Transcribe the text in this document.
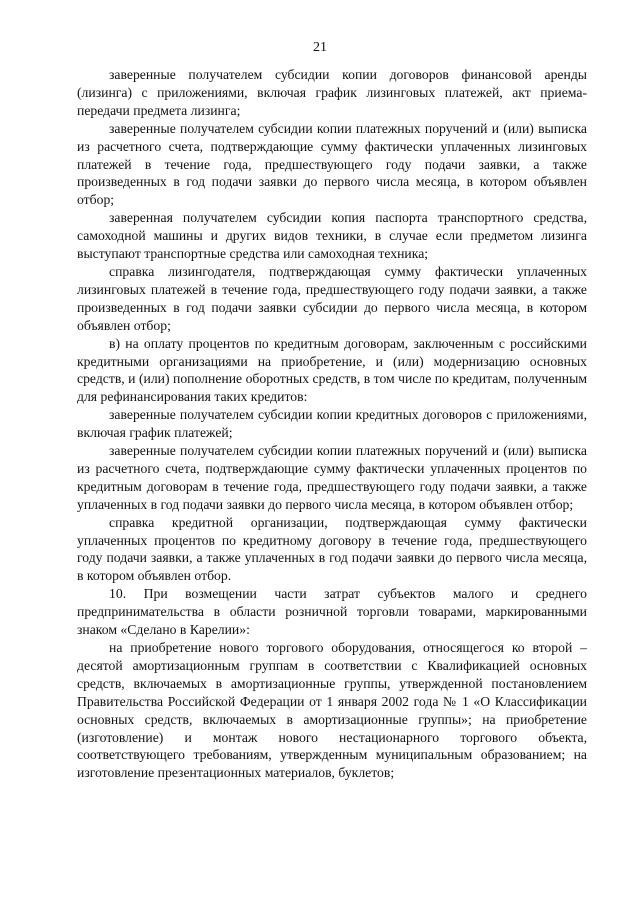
21

заверенные получателем субсидии копии договоров финансовой аренды (лизинга) с приложениями, включая график лизинговых платежей, акт приема-передачи предмета лизинга;

заверенные получателем субсидии копии платежных поручений и (или) выписка из расчетного счета, подтверждающие сумму фактически уплаченных лизинговых платежей в течение года, предшествующего году подачи заявки, а также произведенных в год подачи заявки до первого числа месяца, в котором объявлен отбор;

заверенная получателем субсидии копия паспорта транспортного средства, самоходной машины и других видов техники, в случае если предметом лизинга выступают транспортные средства или самоходная техника;

справка лизингодателя, подтверждающая сумму фактически уплаченных лизинговых платежей в течение года, предшествующего году подачи заявки, а также произведенных в год подачи заявки субсидии до первого числа месяца, в котором объявлен отбор;

в) на оплату процентов по кредитным договорам, заключенным с российскими кредитными организациями на приобретение, и (или) модернизацию основных средств, и (или) пополнение оборотных средств, в том числе по кредитам, полученным для рефинансирования таких кредитов:

заверенные получателем субсидии копии кредитных договоров с приложениями, включая график платежей;

заверенные получателем субсидии копии платежных поручений и (или) выписка из расчетного счета, подтверждающие сумму фактически уплаченных процентов по кредитным договорам в течение года, предшествующего году подачи заявки, а также уплаченных в год подачи заявки до первого числа месяца, в котором объявлен отбор;

справка кредитной организации, подтверждающая сумму фактически уплаченных процентов по кредитному договору в течение года, предшествующего году подачи заявки, а также уплаченных в год подачи заявки до первого числа месяца, в котором объявлен отбор.

10. При возмещении части затрат субъектов малого и среднего предпринимательства в области розничной торговли товарами, маркированными знаком «Сделано в Карелии»:

на приобретение нового торгового оборудования, относящегося ко второй – десятой амортизационным группам в соответствии с Квалификацией основных средств, включаемых в амортизационные группы, утвержденной постановлением Правительства Российской Федерации от 1 января 2002 года № 1 «О Классификации основных средств, включаемых в амортизационные группы»; на приобретение (изготовление) и монтаж нового нестационарного торгового объекта, соответствующего требованиям, утвержденным муниципальным образованием; на изготовление презентационных материалов, буклетов;
